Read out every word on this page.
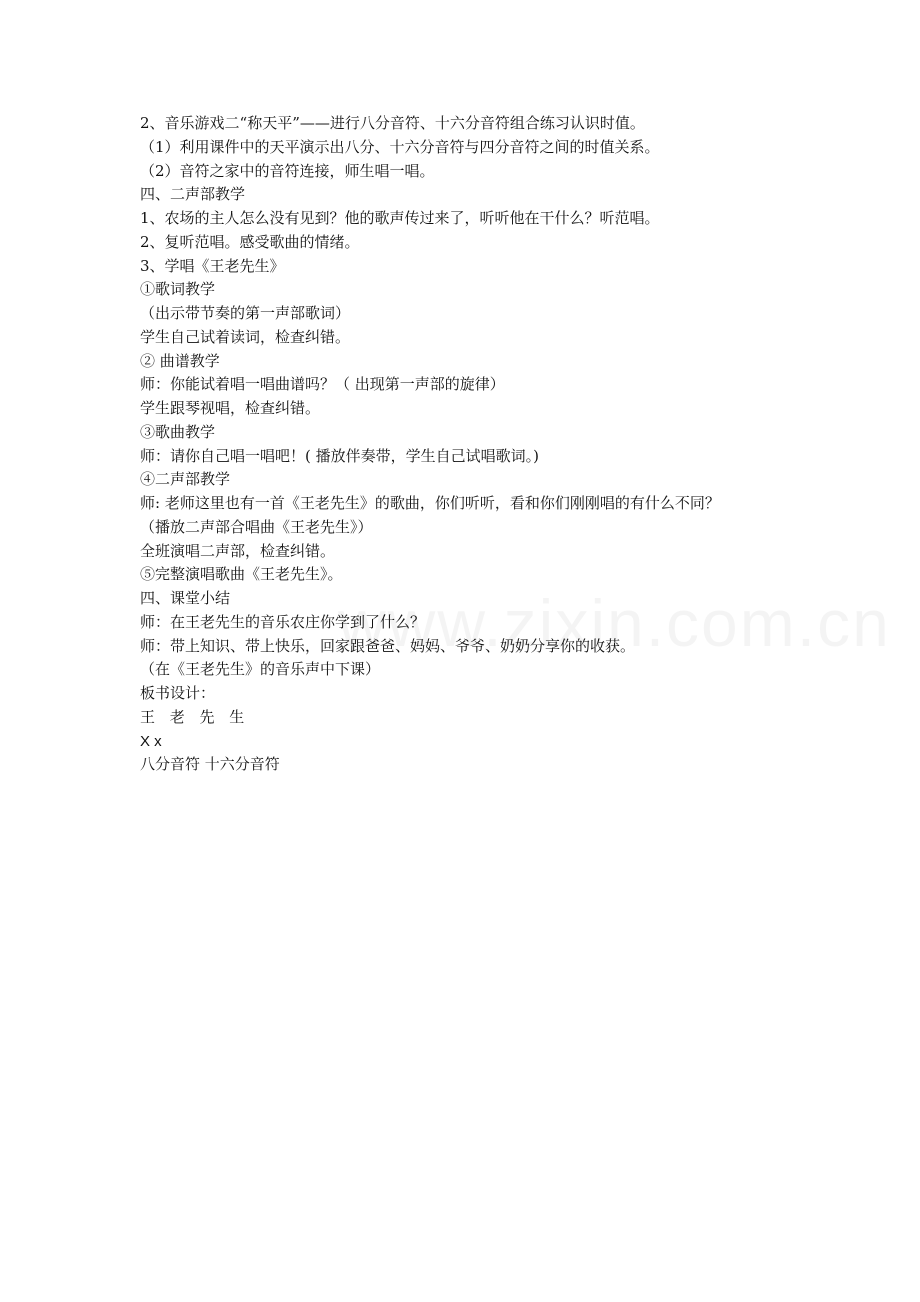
2、音乐游戏二“称天平”——进行八分音符、十六分音符组合练习认识时值。
（1）利用课件中的天平演示出八分、十六分音符与四分音符之间的时值关系。
（2）音符之家中的音符连接，师生唱一唱。
四、二声部教学
1、农场的主人怎么没有见到？他的歌声传过来了，听听他在干什么？听范唱。
2、复听范唱。感受歌曲的情绪。
3、学唱《王老先生》
①歌词教学
（出示带节奏的第一声部歌词）
学生自己试着读词，检查纠错。
② 曲谱教学
师：你能试着唱一唱曲谱吗？（ 出现第一声部的旋律）
学生跟琴视唱，检查纠错。
③歌曲教学
师：请你自己唱一唱吧！( 播放伴奏带，学生自己试唱歌词。)
④二声部教学
师: 老师这里也有一首《王老先生》的歌曲，你们听听，看和你们刚刚唱的有什么不同？
（播放二声部合唱曲《王老先生》）
全班演唱二声部，检查纠错。
⑤完整演唱歌曲《王老先生》。
四、课堂小结
师：在王老先生的音乐农庄你学到了什么？
师：带上知识、带上快乐，回家跟爸爸、妈妈、爷爷、奶奶分享你的收获。
（在《王老先生》的音乐声中下课）
板书设计：
王 老 先 生
X x
八分音符 十六分音符
